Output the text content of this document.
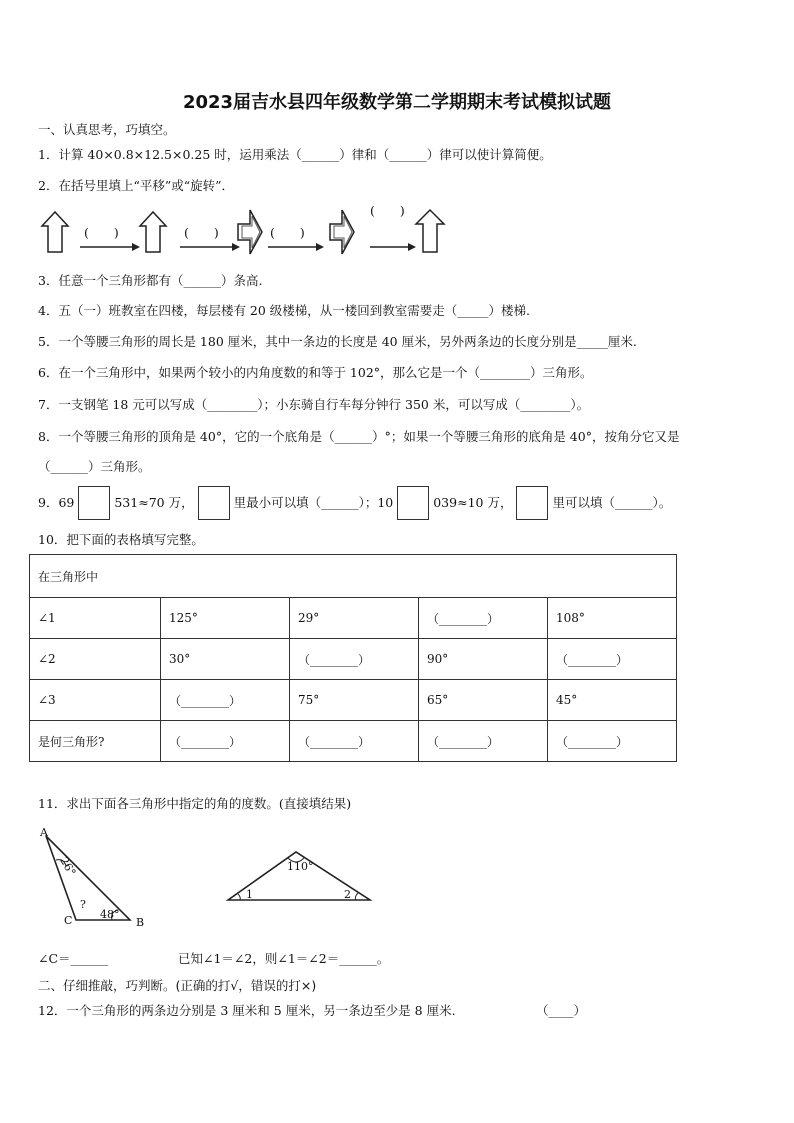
2023届吉水县四年级数学第二学期期末考试模拟试题
一、认真思考，巧填空。
1．计算 40×0.8×12.5×0.25 时，运用乘法（______）律和（______）律可以使计算简便。
2．在括号里填上“平移”或“旋转”．
(　　)	(　　)	(　　)
(　　)
3．任意一个三角形都有（______）条高.
4．五（一）班教室在四楼，每层楼有 20 级楼梯，从一楼回到教室需要走（_____）楼梯.
5．一个等腰三角形的周长是 180 厘米，其中一条边的长度是 40 厘米，另外两条边的长度分别是_____厘米.
6．在一个三角形中，如果两个较小的内角度数的和等于 102°，那么它是一个（________）三角形。
7．一支钢笔 18 元可以写成（________）；小东骑自行车每分钟行 350 米，可以写成（________）。
8．一个等腰三角形的顶角是 40°，它的一个底角是（______）°；如果一个等腰三角形的底角是 40°，按角分它又是
（______）三角形。
9．69	531≈70 万，	里最小可以填（______）；10	039≈10 万，	里可以填（______）。
10．把下面的表格填写完整。
在三角形中				
∠1	125°	29°	（________）	108°
∠2	30°	（________）	90°	（________）
∠3	（________）	75°	65°	45°
是何三角形?	（________）	（________）	（________）	（________）
11．求出下面各三角形中指定的角的度数。(直接填结果)
A
26°
?
C	48°
B
110°
1	2
∠C＝______	已知∠1＝∠2，则∠1＝∠2＝______。
二、仔细推敲，巧判断。(正确的打√，错误的打×)
12．一个三角形的两条边分别是 3 厘米和 5 厘米，另一条边至少是 8 厘米.	（____）
